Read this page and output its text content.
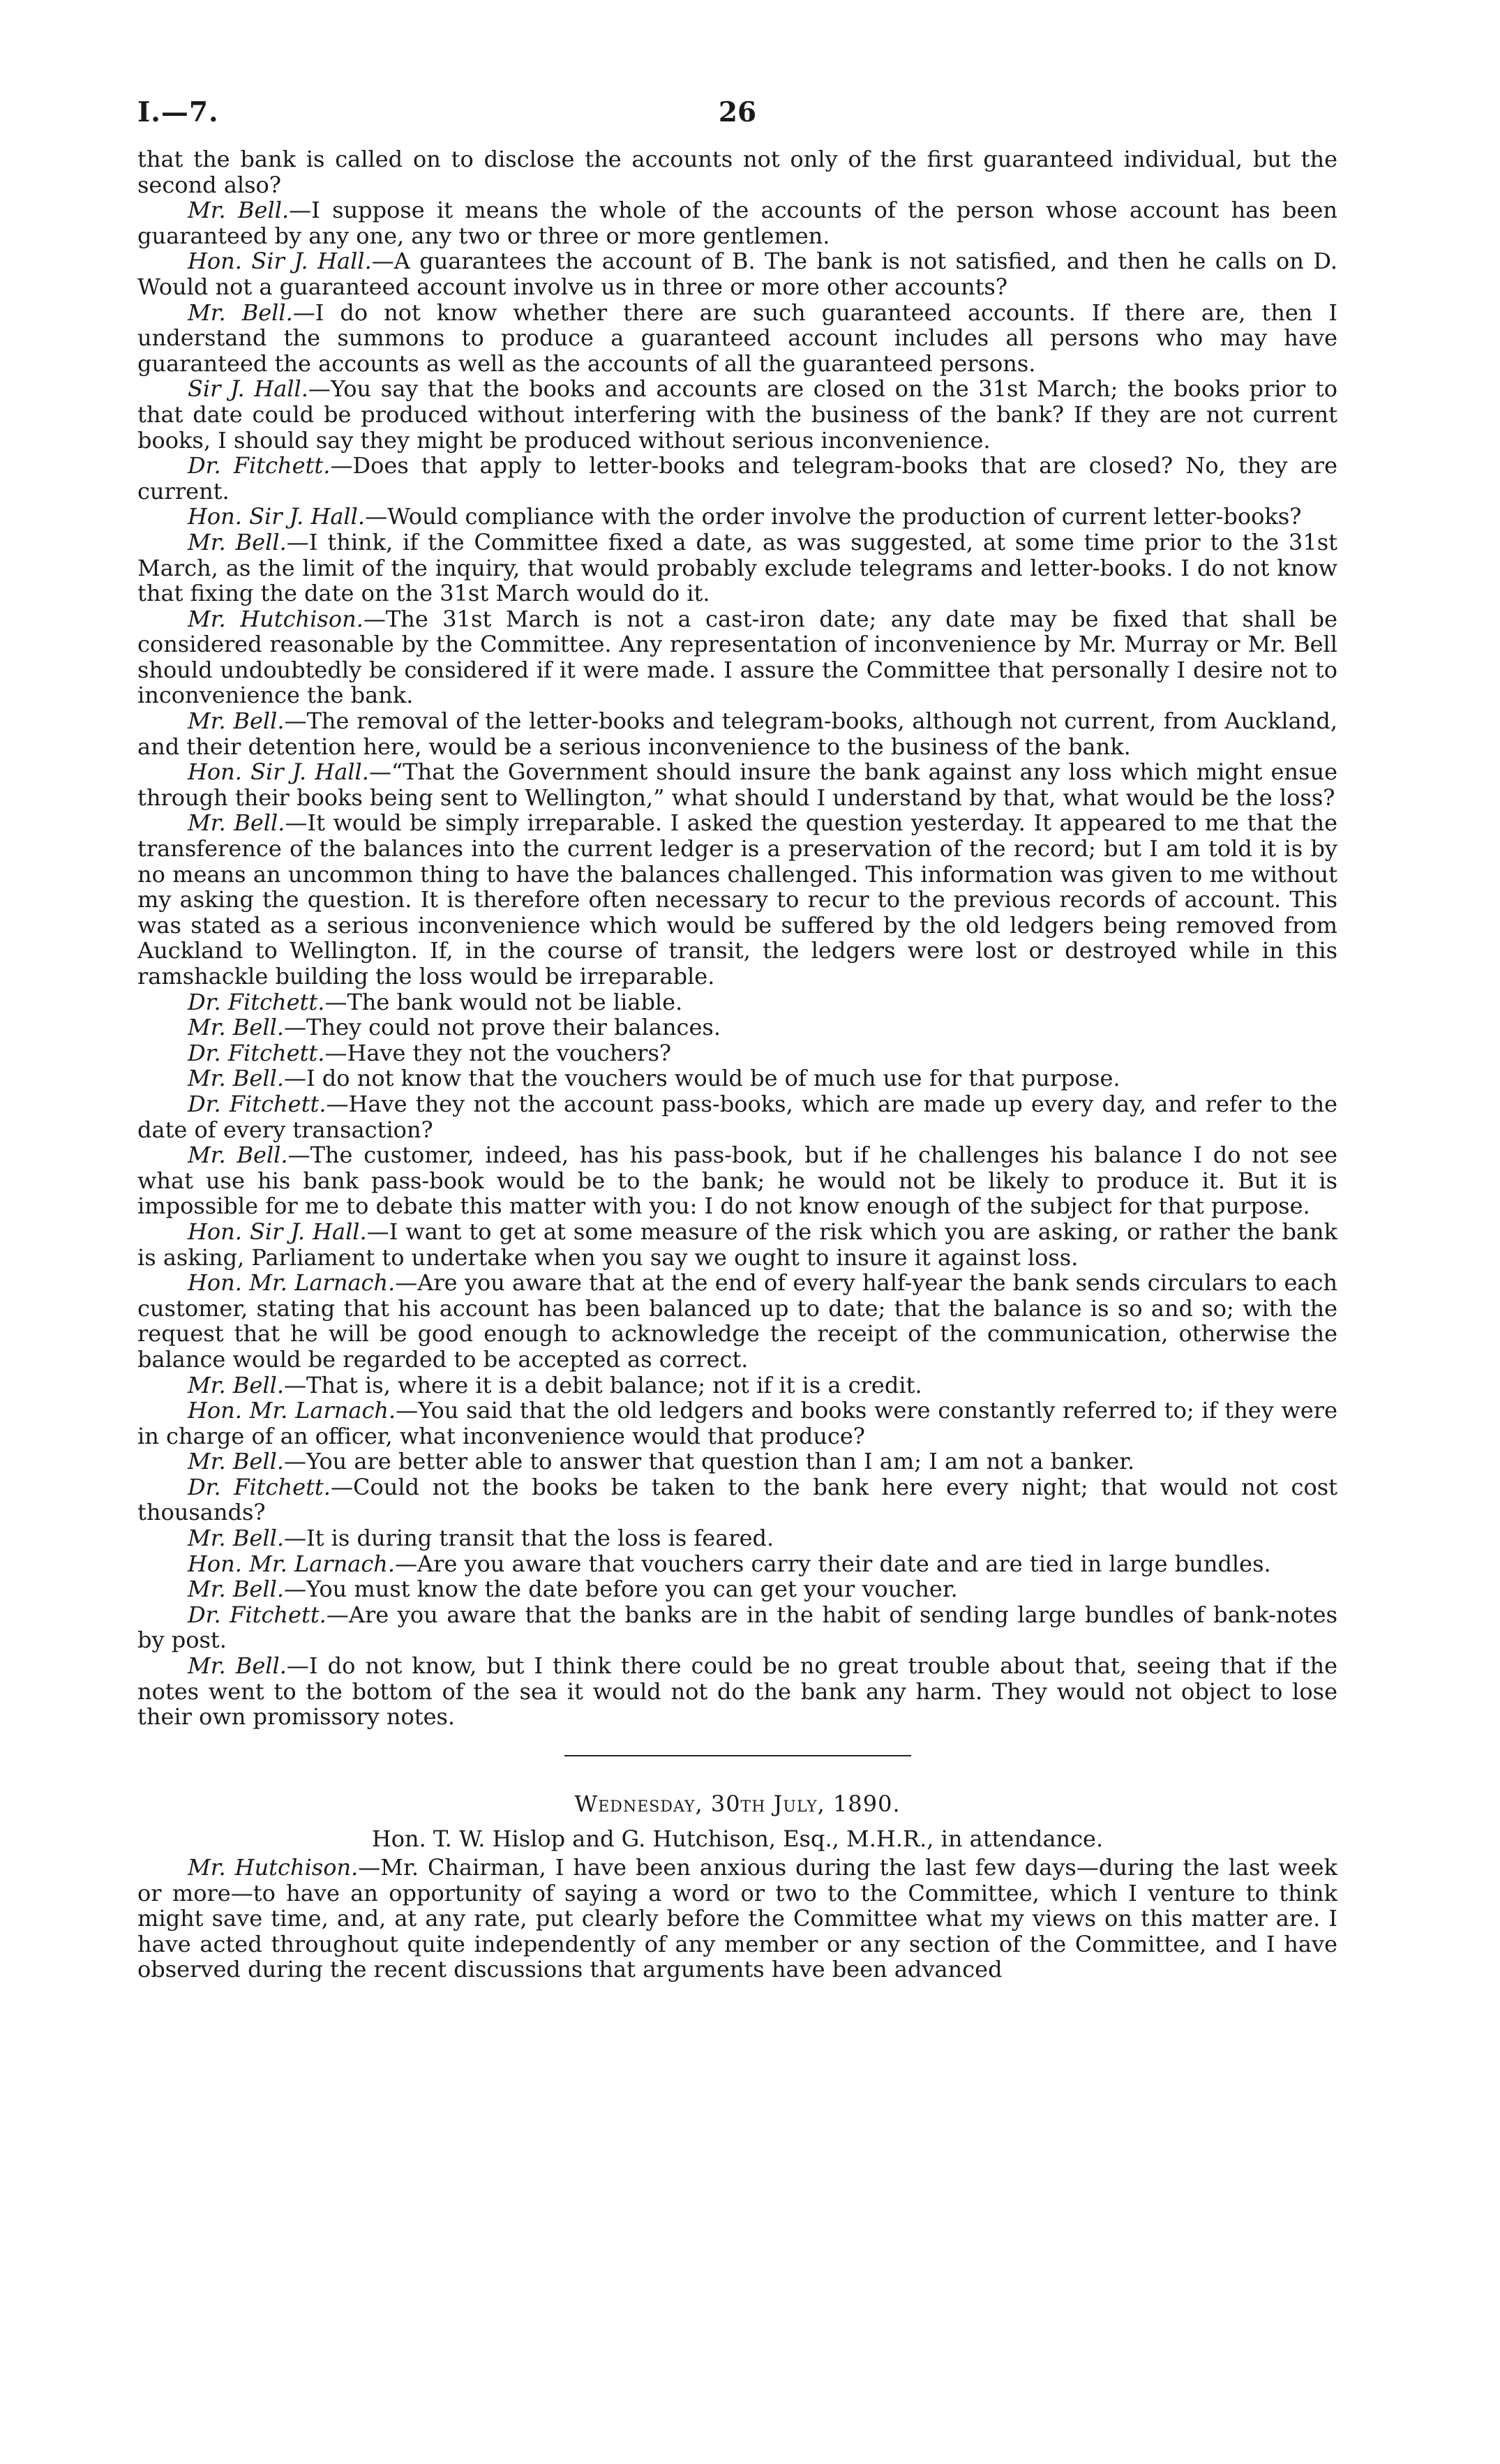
I.—7.	26

that the bank is called on to disclose the accounts not only of the first guaranteed individual, but the second also?

Mr. Bell.—I suppose it means the whole of the accounts of the person whose account has been guaranteed by any one, any two or three or more gentlemen.

Hon. Sir J. Hall.—A guarantees the account of B. The bank is not satisfied, and then he calls on D. Would not a guaranteed account involve us in three or more other accounts?

Mr. Bell.—I do not know whether there are such guaranteed accounts. If there are, then I understand the summons to produce a guaranteed account includes all persons who may have guaranteed the accounts as well as the accounts of all the guaranteed persons.

Sir J. Hall.—You say that the books and accounts are closed on the 31st March; the books prior to that date could be produced without interfering with the business of the bank? If they are not current books, I should say they might be produced without serious inconvenience.

Dr. Fitchett.—Does that apply to letter-books and telegram-books that are closed? No, they are current.

Hon. Sir J. Hall.—Would compliance with the order involve the production of current letter-books?

Mr. Bell.—I think, if the Committee fixed a date, as was suggested, at some time prior to the 31st March, as the limit of the inquiry, that would probably exclude telegrams and letter-books. I do not know that fixing the date on the 31st March would do it.

Mr. Hutchison.—The 31st March is not a cast-iron date; any date may be fixed that shall be considered reasonable by the Committee. Any representation of inconvenience by Mr. Murray or Mr. Bell should undoubtedly be considered if it were made. I assure the Committee that personally I desire not to inconvenience the bank.

Mr. Bell.—The removal of the letter-books and telegram-books, although not current, from Auckland, and their detention here, would be a serious inconvenience to the business of the bank.

Hon. Sir J. Hall.—“That the Government should insure the bank against any loss which might ensue through their books being sent to Wellington,” what should I understand by that, what would be the loss?

Mr. Bell.—It would be simply irreparable. I asked the question yesterday. It appeared to me that the transference of the balances into the current ledger is a preservation of the record; but I am told it is by no means an uncommon thing to have the balances challenged. This information was given to me without my asking the question. It is therefore often necessary to recur to the previous records of account. This was stated as a serious inconvenience which would be suffered by the old ledgers being removed from Auckland to Wellington. If, in the course of transit, the ledgers were lost or destroyed while in this ramshackle building the loss would be irreparable.

Dr. Fitchett.—The bank would not be liable.

Mr. Bell.—They could not prove their balances.

Dr. Fitchett.—Have they not the vouchers?

Mr. Bell.—I do not know that the vouchers would be of much use for that purpose.

Dr. Fitchett.—Have they not the account pass-books, which are made up every day, and refer to the date of every transaction?

Mr. Bell.—The customer, indeed, has his pass-book, but if he challenges his balance I do not see what use his bank pass-book would be to the bank; he would not be likely to produce it. But it is impossible for me to debate this matter with you: I do not know enough of the subject for that purpose.

Hon. Sir J. Hall.—I want to get at some measure of the risk which you are asking, or rather the bank is asking, Parliament to undertake when you say we ought to insure it against loss.

Hon. Mr. Larnach.—Are you aware that at the end of every half-year the bank sends circulars to each customer, stating that his account has been balanced up to date; that the balance is so and so; with the request that he will be good enough to acknowledge the receipt of the communication, otherwise the balance would be regarded to be accepted as correct.

Mr. Bell.—That is, where it is a debit balance; not if it is a credit.

Hon. Mr. Larnach.—You said that the old ledgers and books were constantly referred to; if they were in charge of an officer, what inconvenience would that produce?

Mr. Bell.—You are better able to answer that question than I am; I am not a banker.

Dr. Fitchett.—Could not the books be taken to the bank here every night; that would not cost thousands?

Mr. Bell.—It is during transit that the loss is feared.

Hon. Mr. Larnach.—Are you aware that vouchers carry their date and are tied in large bundles.

Mr. Bell.—You must know the date before you can get your voucher.

Dr. Fitchett.—Are you aware that the banks are in the habit of sending large bundles of bank-notes by post.

Mr. Bell.—I do not know, but I think there could be no great trouble about that, seeing that if the notes went to the bottom of the sea it would not do the bank any harm. They would not object to lose their own promissory notes.

Wednesday, 30th July, 1890.

Hon. T. W. Hislop and G. Hutchison, Esq., M.H.R., in attendance.

Mr. Hutchison.—Mr. Chairman, I have been anxious during the last few days—during the last week or more—to have an opportunity of saying a word or two to the Committee, which I venture to think might save time, and, at any rate, put clearly before the Committee what my views on this matter are. I have acted throughout quite independently of any member or any section of the Committee, and I have observed during the recent discussions that arguments have been advanced
